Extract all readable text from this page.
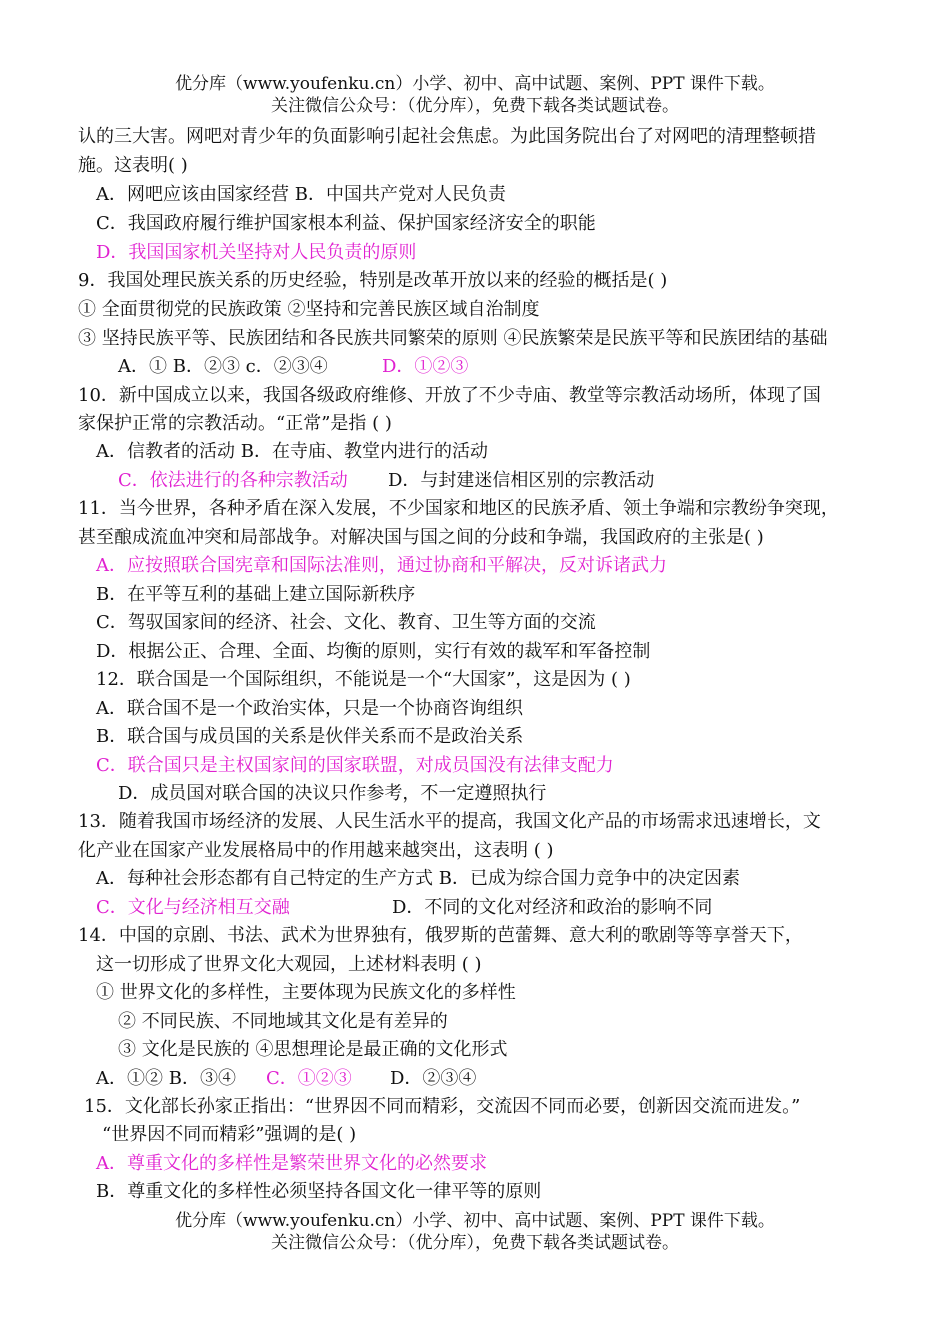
优分库（www.youfenku.cn）小学、初中、高中试题、案例、PPT 课件下载。
关注微信公众号：（优分库），免费下载各类试题试卷。
认的三大害。网吧对青少年的负面影响引起社会焦虑。为此国务院出台了对网吧的清理整顿措
施。这表明( )
A．网吧应该由国家经营 B．中国共产党对人民负责
C．我国政府履行维护国家根本利益、保护国家经济安全的职能
D．我国国家机关坚持对人民负责的原则
9．我国处理民族关系的历史经验，特别是改革开放以来的经验的概括是( )
① 全面贯彻党的民族政策 ②坚持和完善民族区域自治制度
③ 坚持民族平等、民族团结和各民族共同繁荣的原则 ④民族繁荣是民族平等和民族团结的基础
A．① B．②③ c．②③④	D．①②③
10．新中国成立以来，我国各级政府维修、开放了不少寺庙、教堂等宗教活动场所，体现了国
家保护正常的宗教活动。“正常”是指 ( )
A．信教者的活动 B．在寺庙、教堂内进行的活动
C．依法进行的各种宗教活动 D．与封建迷信相区别的宗教活动
11．当今世界，各种矛盾在深入发展，不少国家和地区的民族矛盾、领土争端和宗教纷争突现，
甚至酿成流血冲突和局部战争。对解决国与国之间的分歧和争端，我国政府的主张是( )
A．应按照联合国宪章和国际法准则，通过协商和平解决，反对诉诸武力
B．在平等互利的基础上建立国际新秩序
C．驾驭国家间的经济、社会、文化、教育、卫生等方面的交流
D．根据公正、合理、全面、均衡的原则，实行有效的裁军和军备控制
12．联合国是一个国际组织，不能说是一个“大国家”，这是因为 ( )
A．联合国不是一个政治实体，只是一个协商咨询组织
B．联合国与成员国的关系是伙伴关系而不是政治关系
C．联合国只是主权国家间的国家联盟，对成员国没有法律支配力
D．成员国对联合国的决议只作参考，不一定遵照执行
13．随着我国市场经济的发展、人民生活水平的提高，我国文化产品的市场需求迅速增长，文
化产业在国家产业发展格局中的作用越来越突出，这表明 ( )
A．每种社会形态都有自己特定的生产方式 B．已成为综合国力竞争中的决定因素
C．文化与经济相互交融	D．不同的文化对经济和政治的影响不同
14．中国的京剧、书法、武术为世界独有，俄罗斯的芭蕾舞、意大利的歌剧等等享誉天下，
这一切形成了世界文化大观园，上述材料表明 ( )
① 世界文化的多样性，主要体现为民族文化的多样性
② 不同民族、不同地域其文化是有差异的
③ 文化是民族的 ④思想理论是最正确的文化形式
A．①② B．③④ C．①②③ D．②③④
15．文化部长孙家正指出：“世界因不同而精彩，交流因不同而必要，创新因交流而进发。”
“世界因不同而精彩”强调的是( )
A．尊重文化的多样性是繁荣世界文化的必然要求
B．尊重文化的多样性必须坚持各国文化一律平等的原则
优分库（www.youfenku.cn）小学、初中、高中试题、案例、PPT 课件下载。
关注微信公众号：（优分库），免费下载各类试题试卷。
